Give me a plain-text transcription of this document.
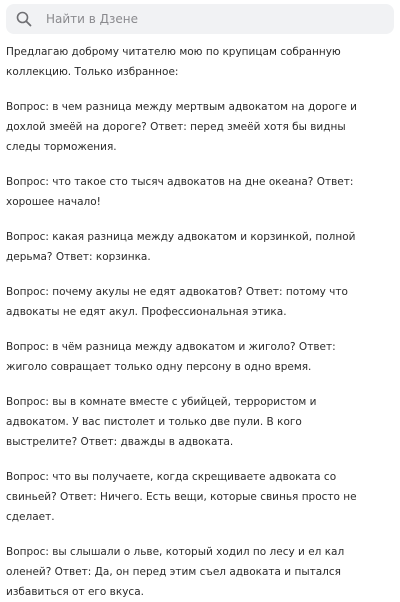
Найти в Дзене

Предлагаю доброму читателю мою по крупицам собранную коллекцию. Только избранное:

Вопрос: в чем разница между мертвым адвокатом на дороге и дохлой змеёй на дороге? Ответ: перед змеёй хотя бы видны следы торможения.

Вопрос: что такое сто тысяч адвокатов на дне океана? Ответ: хорошее начало!

Вопрос: какая разница между адвокатом и корзинкой, полной дерьма? Ответ: корзинка.

Вопрос: почему акулы не едят адвокатов? Ответ: потому что адвокаты не едят акул. Профессиональная этика.

Вопрос: в чём разница между адвокатом и жиголо? Ответ: жиголо совращает только одну персону в одно время.

Вопрос: вы в комнате вместе с убийцей, террористом и адвокатом. У вас пистолет и только две пули. В кого выстрелите? Ответ: дважды в адвоката.

Вопрос: что вы получаете, когда скрещиваете адвоката со свиньей? Ответ: Ничего. Есть вещи, которые свинья просто не сделает.

Вопрос: вы слышали о льве, который ходил по лесу и ел кал оленей? Ответ: Да, он перед этим съел адвоката и пытался избавиться от его вкуса.
